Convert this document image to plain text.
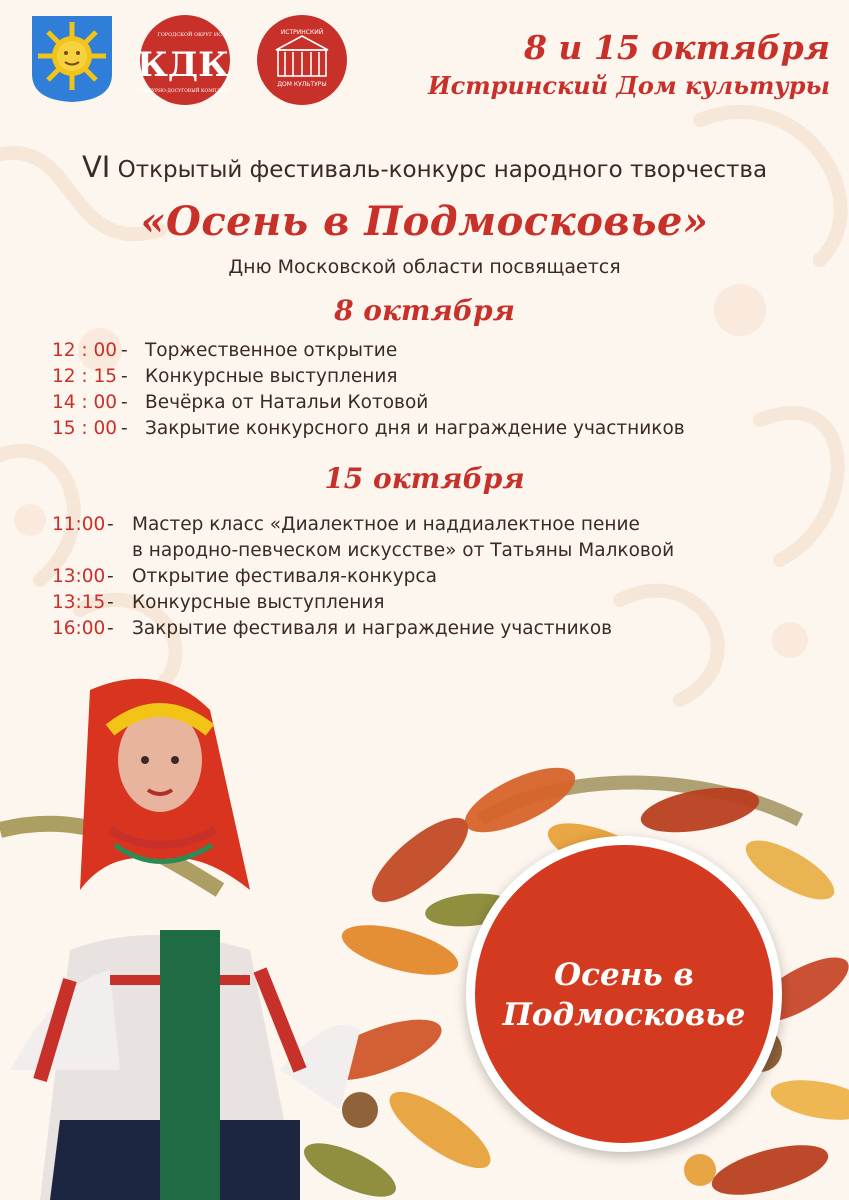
КДК
ГОРОДСКОЙ ОКРУГ ИСТРА
КУЛЬТУРНО-ДОСУГОВЫЙ КОМПЛЕКС
ИСТРИНСКИЙ
ДОМ КУЛЬТУРЫ
8 и 15 октября
Истринский Дом культуры
VI Открытый фестиваль-конкурс народного творчества
«Осень в Подмосковье»
Дню Московской области посвящается
8 октября
12 : 00 - Торжественное открытие
12 : 15 - Конкурсные выступления
14 : 00 - Вечёрка от Натальи Котовой
15 : 00 - Закрытие конкурсного дня и награждение участников
15 октября
11:00 - Мастер класс «Диалектное и наддиалектное пение
в народно-певческом искусстве» от Татьяны Малковой
13:00 - Открытие фестиваля-конкурса
13:15 - Конкурсные выступления
16:00 - Закрытие фестиваля и награждение участников
Осень в
Подмосковье
